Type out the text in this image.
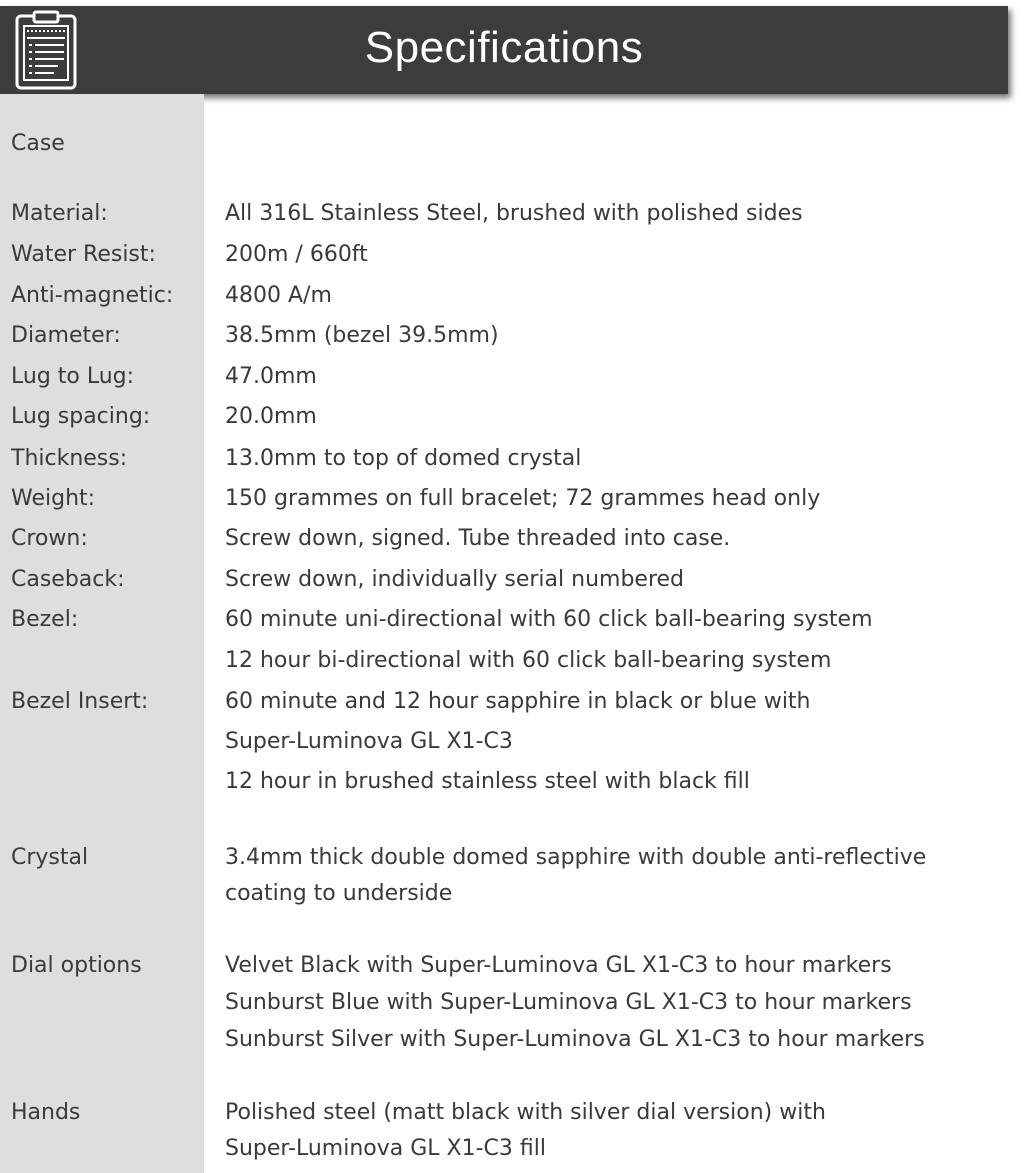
Specifications
Case
Material:	All 316L Stainless Steel, brushed with polished sides
Water Resist:	200m / 660ft
Anti-magnetic: 4800 A/m
Diameter:	38.5mm (bezel 39.5mm)
Lug to Lug:	47.0mm
Lug spacing:	20.0mm
Thickness:	13.0mm to top of domed crystal
Weight:	150 grammes on full bracelet; 72 grammes head only
Crown:	Screw down, signed. Tube threaded into case.
Caseback:	Screw down, individually serial numbered
Bezel:	60 minute uni-directional with 60 click ball-bearing system
12 hour bi-directional with 60 click ball-bearing system
Bezel Insert:	60 minute and 12 hour sapphire in black or blue with
Super-Luminova GL X1-C3
12 hour in brushed stainless steel with black fill
Crystal	3.4mm thick double domed sapphire with double anti-reflective
coating to underside
Dial options	Velvet Black with Super-Luminova GL X1-C3 to hour markers
Sunburst Blue with Super-Luminova GL X1-C3 to hour markers
Sunburst Silver with Super-Luminova GL X1-C3 to hour markers
Hands	Polished steel (matt black with silver dial version) with
Super-Luminova GL X1-C3 fill
